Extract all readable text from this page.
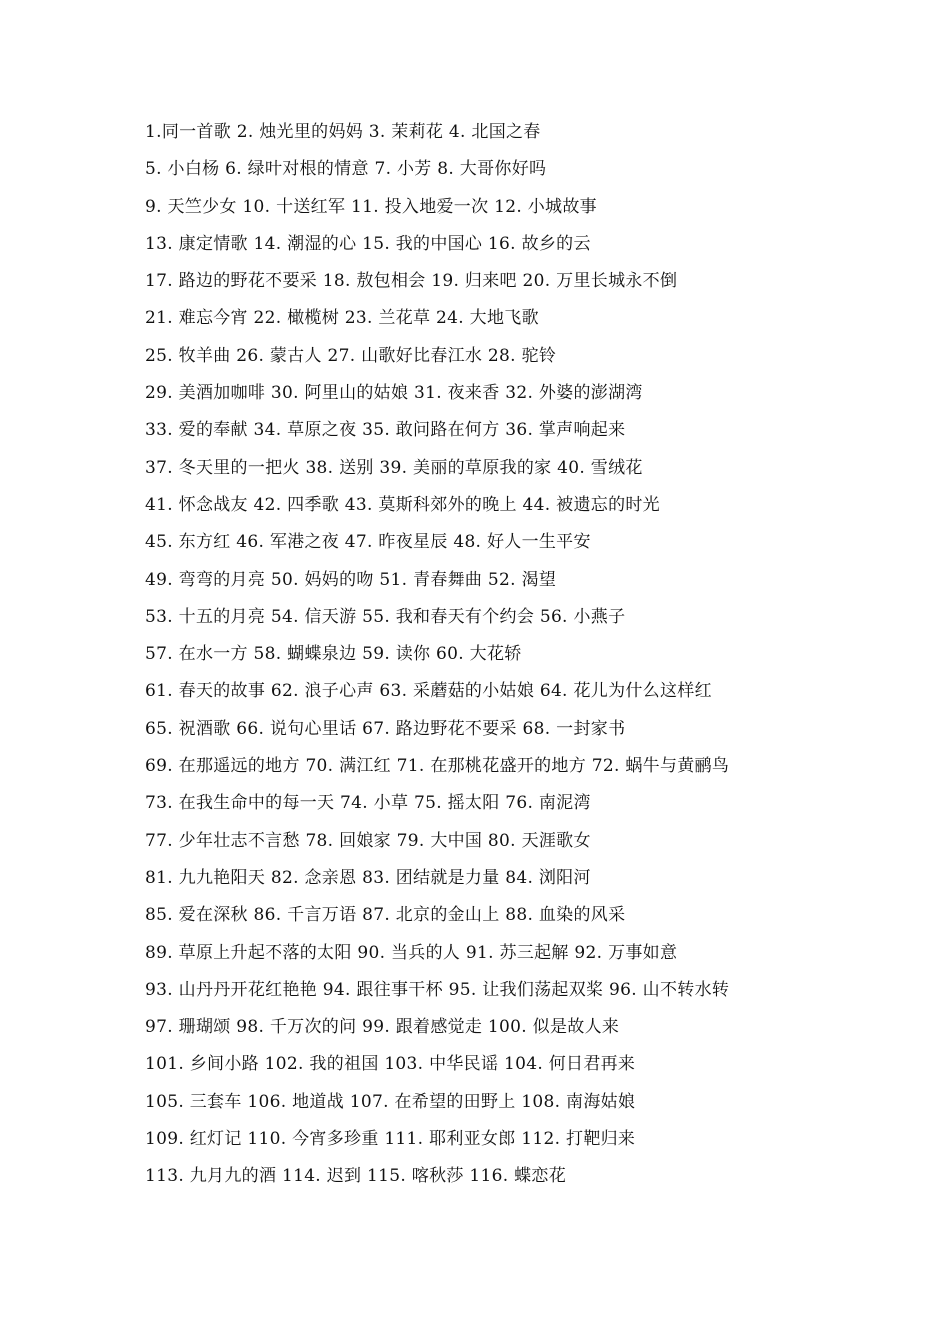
1.同一首歌 2. 烛光里的妈妈 3. 茉莉花 4. 北国之春
5. 小白杨 6. 绿叶对根的情意 7. 小芳 8. 大哥你好吗
9. 天竺少女 10. 十送红军 11. 投入地爱一次 12. 小城故事
13. 康定情歌 14. 潮湿的心 15. 我的中国心 16. 故乡的云
17. 路边的野花不要采 18. 敖包相会 19. 归来吧 20. 万里长城永不倒
21. 难忘今宵 22. 橄榄树 23. 兰花草 24. 大地飞歌
25. 牧羊曲 26. 蒙古人 27. 山歌好比春江水 28. 驼铃
29. 美酒加咖啡 30. 阿里山的姑娘 31. 夜来香 32. 外婆的澎湖湾
33. 爱的奉献 34. 草原之夜 35. 敢问路在何方 36. 掌声响起来
37. 冬天里的一把火 38. 送别 39. 美丽的草原我的家 40. 雪绒花
41. 怀念战友 42. 四季歌 43. 莫斯科郊外的晚上 44. 被遗忘的时光
45. 东方红 46. 军港之夜 47. 昨夜星辰 48. 好人一生平安
49. 弯弯的月亮 50. 妈妈的吻 51. 青春舞曲 52. 渴望
53. 十五的月亮 54. 信天游 55. 我和春天有个约会 56. 小燕子
57. 在水一方 58. 蝴蝶泉边 59. 读你 60. 大花轿
61. 春天的故事 62. 浪子心声 63. 采蘑菇的小姑娘 64. 花儿为什么这样红
65. 祝酒歌 66. 说句心里话 67. 路边野花不要采 68. 一封家书
69. 在那遥远的地方 70. 满江红 71. 在那桃花盛开的地方 72. 蜗牛与黄鹂鸟
73. 在我生命中的每一天 74. 小草 75. 摇太阳 76. 南泥湾
77. 少年壮志不言愁 78. 回娘家 79. 大中国 80. 天涯歌女
81. 九九艳阳天 82. 念亲恩 83. 团结就是力量 84. 浏阳河
85. 爱在深秋 86. 千言万语 87. 北京的金山上 88. 血染的风采
89. 草原上升起不落的太阳 90. 当兵的人 91. 苏三起解 92. 万事如意
93. 山丹丹开花红艳艳 94. 跟往事干杯 95. 让我们荡起双桨 96. 山不转水转
97. 珊瑚颂 98. 千万次的问 99. 跟着感觉走 100. 似是故人来
101. 乡间小路 102. 我的祖国 103. 中华民谣 104. 何日君再来
105. 三套车 106. 地道战 107. 在希望的田野上 108. 南海姑娘
109. 红灯记 110. 今宵多珍重 111. 耶利亚女郎 112. 打靶归来
113. 九月九的酒 114. 迟到 115. 喀秋莎 116. 蝶恋花
